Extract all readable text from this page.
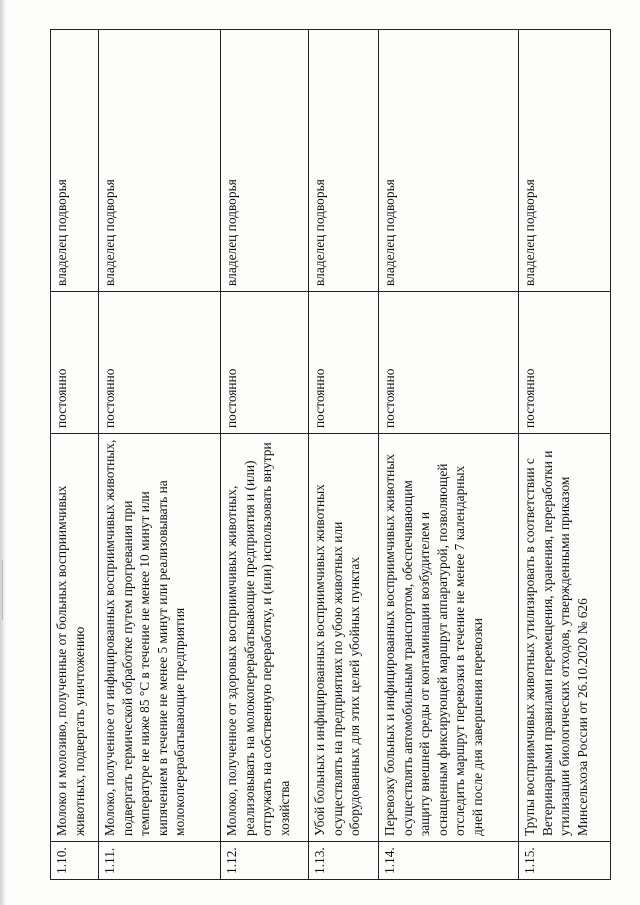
1.10.	Молоко и молозиво, полученные от больных восприимчивых животных, подвергать уничтожению	постоянно	владелец подворья
1.11.	Молоко, полученное от инфицированных восприимчивых животных, подвергать термической обработке путем прогревания при температуре не ниже 85 °С в течение не менее 10 минут или кипячением в течение не менее 5 минут или реализовывать на молокоперерабатывающие предприятия	постоянно	владелец подворья
1.12.	Молоко, полученное от здоровых восприимчивых животных, реализовывать на молокоперерабатывающие предприятия и (или) отгружать на собственную переработку, и (или) использовать внутри хозяйства	постоянно	владелец подворья
1.13.	Убой больных и инфицированных восприимчивых животных осуществлять на предприятиях по убою животных или оборудованных для этих целей убойных пунктах	постоянно	владелец подворья
1.14.	Перевозку больных и инфицированных восприимчивых животных осуществлять автомобильным транспортом, обеспечивающим защиту внешней среды от контаминации возбудителем и оснащенным фиксирующей маршрут аппаратурой, позволяющей отследить маршрут перевозки в течение не менее 7 календарных дней после дня завершения перевозки	постоянно	владелец подворья
1.15.	Трупы восприимчивых животных утилизировать в соответствии с Ветеринарными правилами перемещения, хранения, переработки и утилизации биологических отходов, утвержденными приказом Минсельхоза России от 26.10.2020 № 626	постоянно	владелец подворья
